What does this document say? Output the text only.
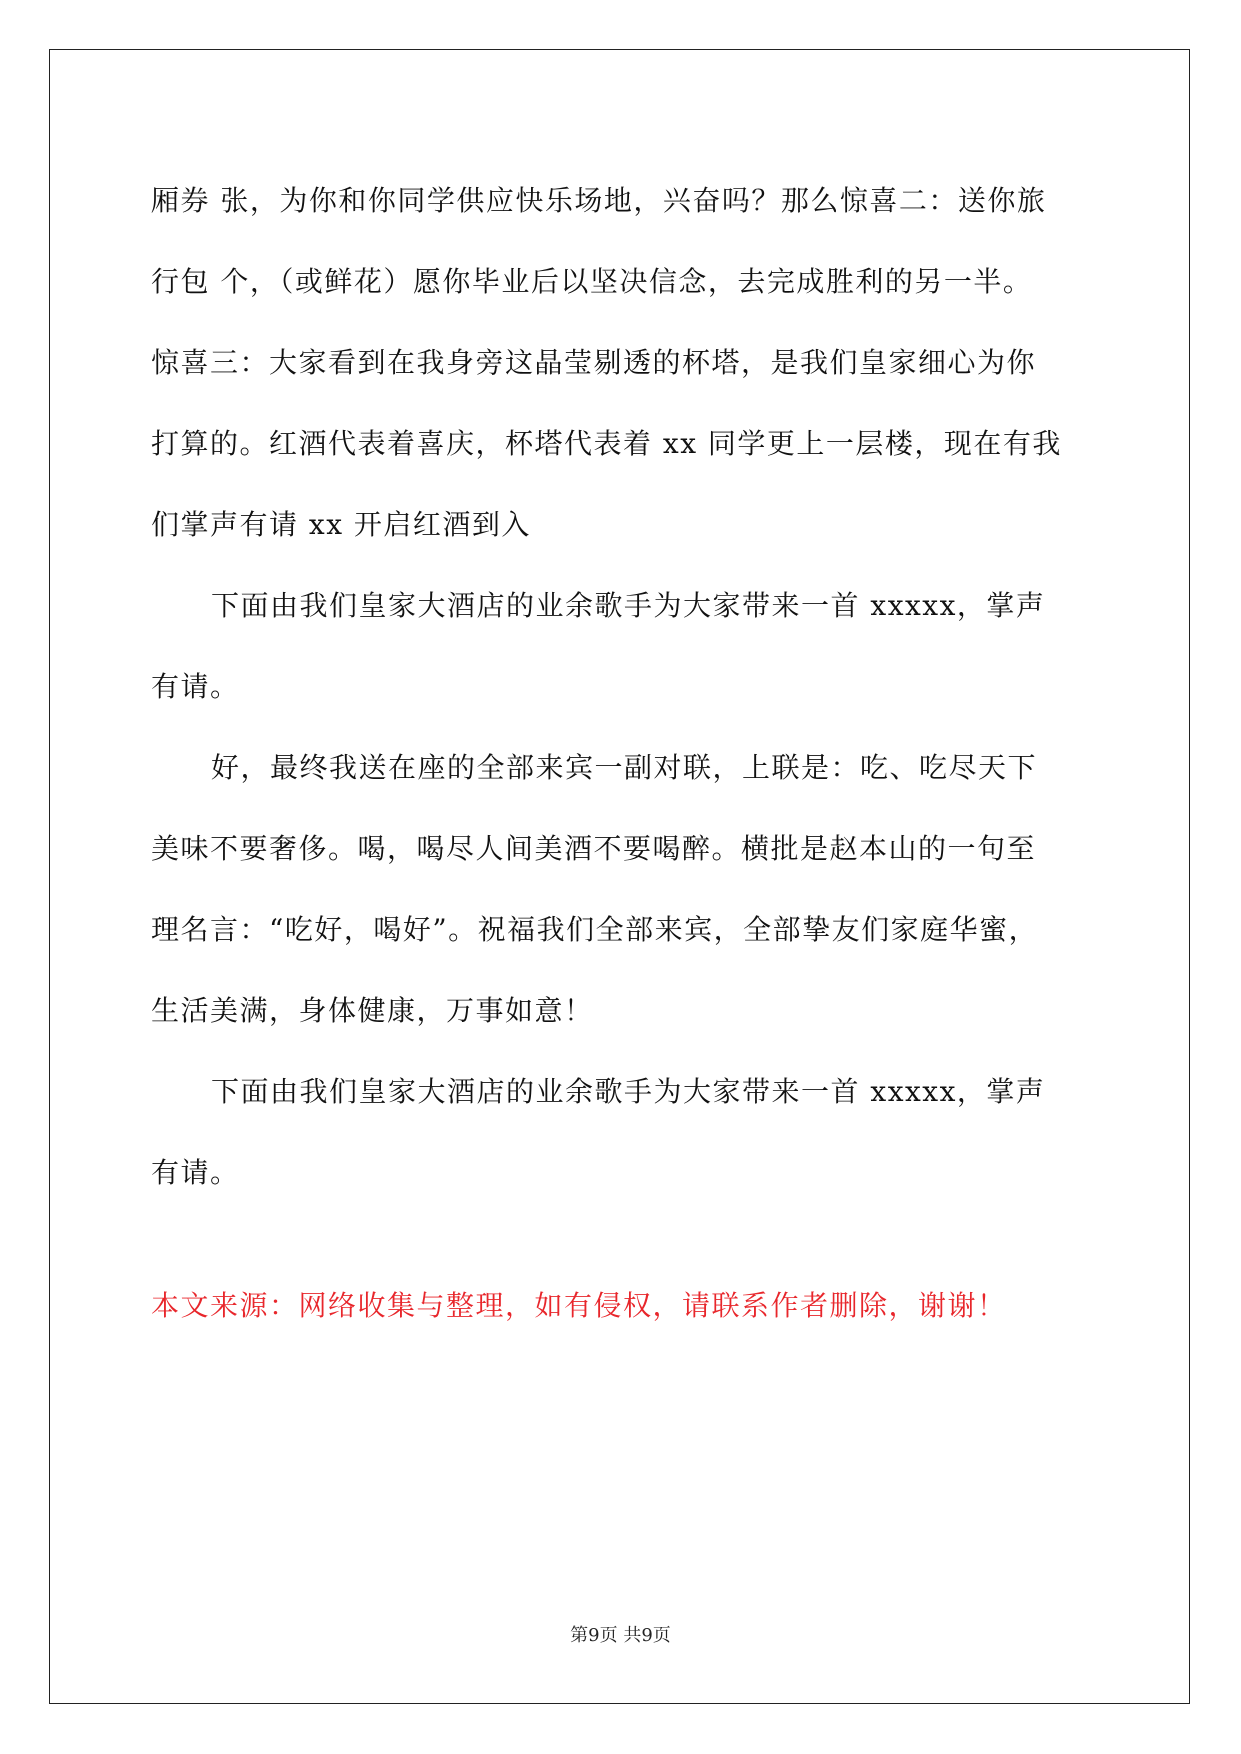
厢券 张，为你和你同学供应快乐场地，兴奋吗？那么惊喜二：送你旅
行包 个，（或鲜花）愿你毕业后以坚决信念，去完成胜利的另一半。
惊喜三：大家看到在我身旁这晶莹剔透的杯塔，是我们皇家细心为你
打算的。红酒代表着喜庆，杯塔代表着 xx 同学更上一层楼，现在有我
们掌声有请 xx 开启红酒到入
下面由我们皇家大酒店的业余歌手为大家带来一首 xxxxx，掌声
有请。
好，最终我送在座的全部来宾一副对联，上联是：吃、吃尽天下
美味不要奢侈。喝，喝尽人间美酒不要喝醉。横批是赵本山的一句至
理名言：“吃好，喝好”。祝福我们全部来宾，全部挚友们家庭华蜜，
生活美满，身体健康，万事如意！
下面由我们皇家大酒店的业余歌手为大家带来一首 xxxxx，掌声
有请。
本文来源：网络收集与整理，如有侵权，请联系作者删除，谢谢！
第9页 共9页
